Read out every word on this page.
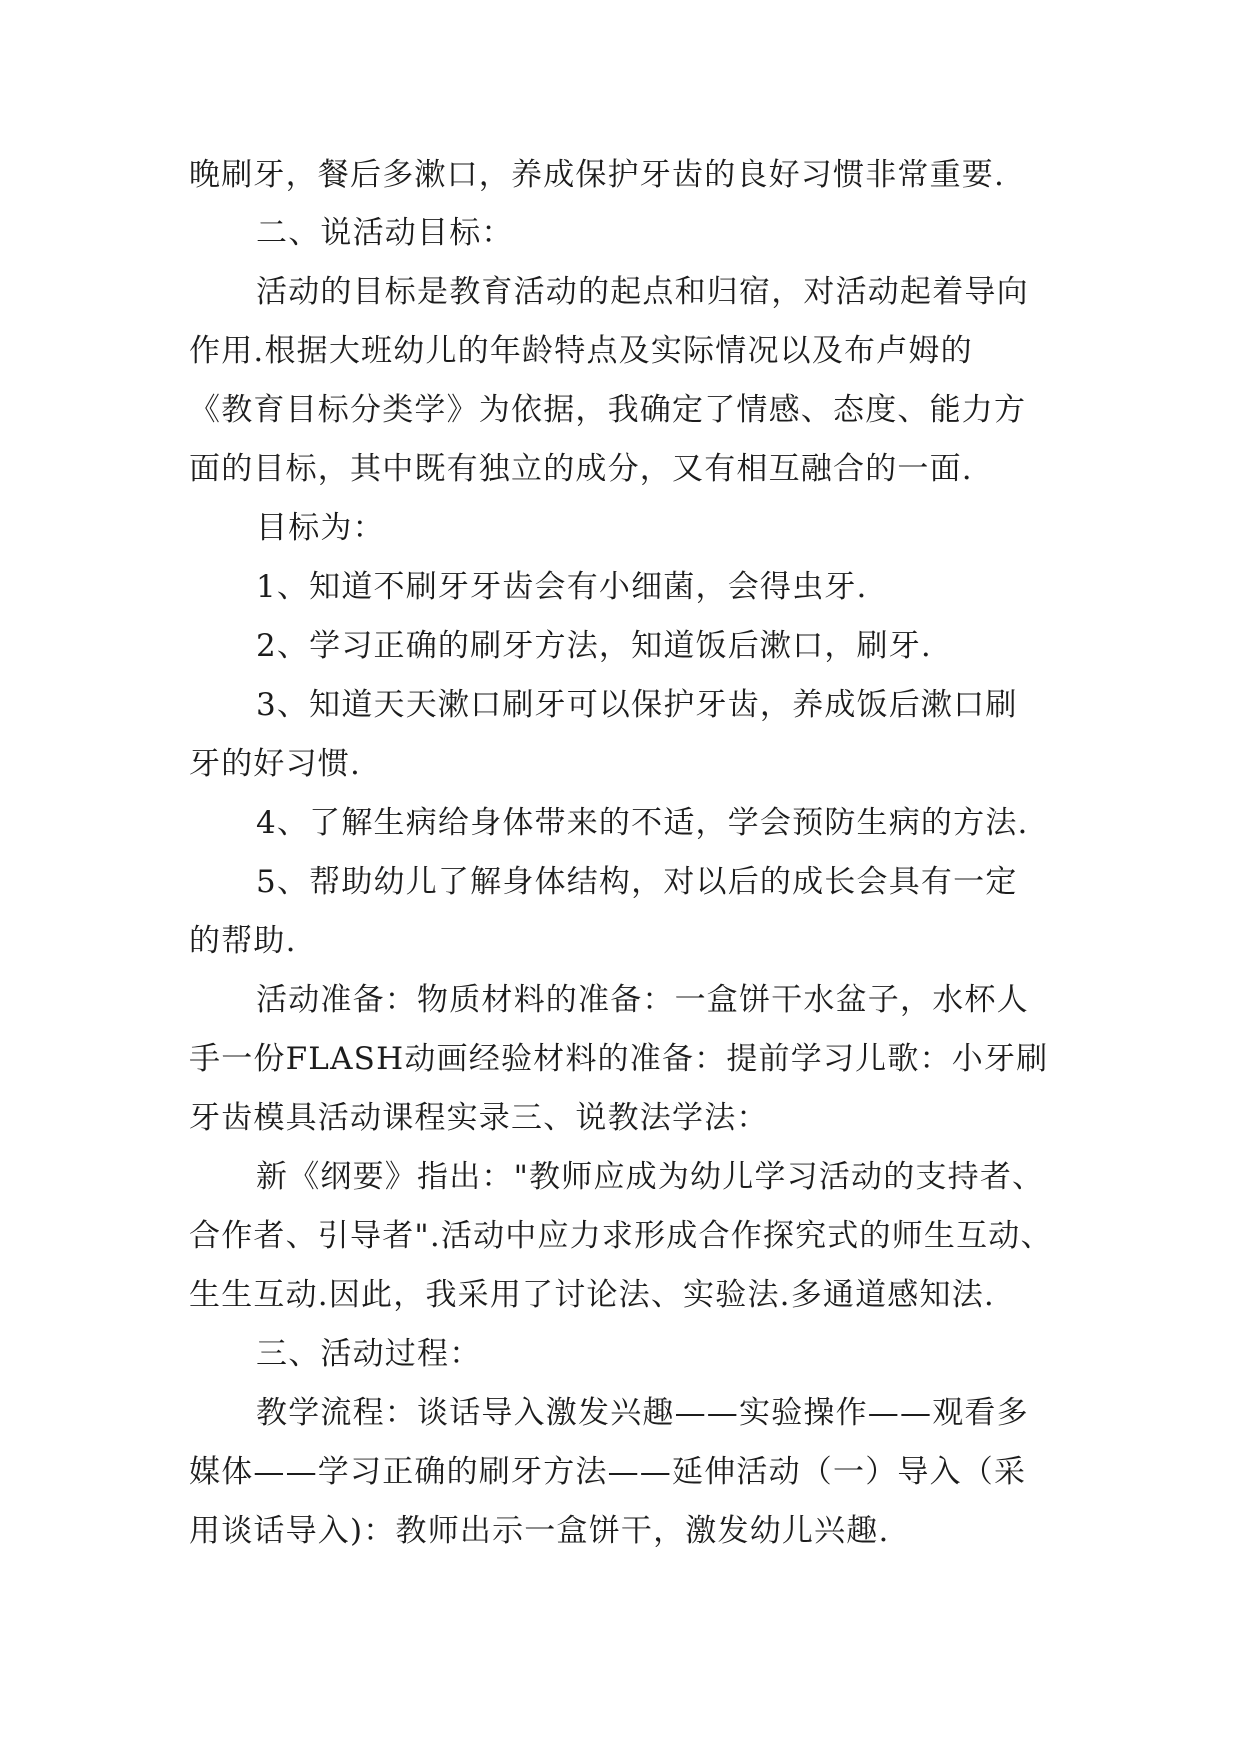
晚刷牙，餐后多漱口，养成保护牙齿的良好习惯非常重要.
二、说活动目标：
活动的目标是教育活动的起点和归宿，对活动起着导向
作用.根据大班幼儿的年龄特点及实际情况以及布卢姆的
《教育目标分类学》为依据，我确定了情感、态度、能力方
面的目标，其中既有独立的成分，又有相互融合的一面.
目标为：
1、知道不刷牙牙齿会有小细菌，会得虫牙.
2、学习正确的刷牙方法，知道饭后漱口，刷牙.
3、知道天天漱口刷牙可以保护牙齿，养成饭后漱口刷
牙的好习惯.
4、了解生病给身体带来的不适，学会预防生病的方法.
5、帮助幼儿了解身体结构，对以后的成长会具有一定
的帮助.
活动准备：物质材料的准备：一盒饼干水盆子，水杯人
手一份FLASH动画经验材料的准备：提前学习儿歌：小牙刷
牙齿模具活动课程实录三、说教法学法：
新《纲要》指出："教师应成为幼儿学习活动的支持者、
合作者、引导者".活动中应力求形成合作探究式的师生互动、
生生互动.因此，我采用了讨论法、实验法.多通道感知法.
三、活动过程：
教学流程：谈话导入激发兴趣——实验操作——观看多
媒体——学习正确的刷牙方法——延伸活动（一）导入（采
用谈话导入)：教师出示一盒饼干，激发幼儿兴趣.
